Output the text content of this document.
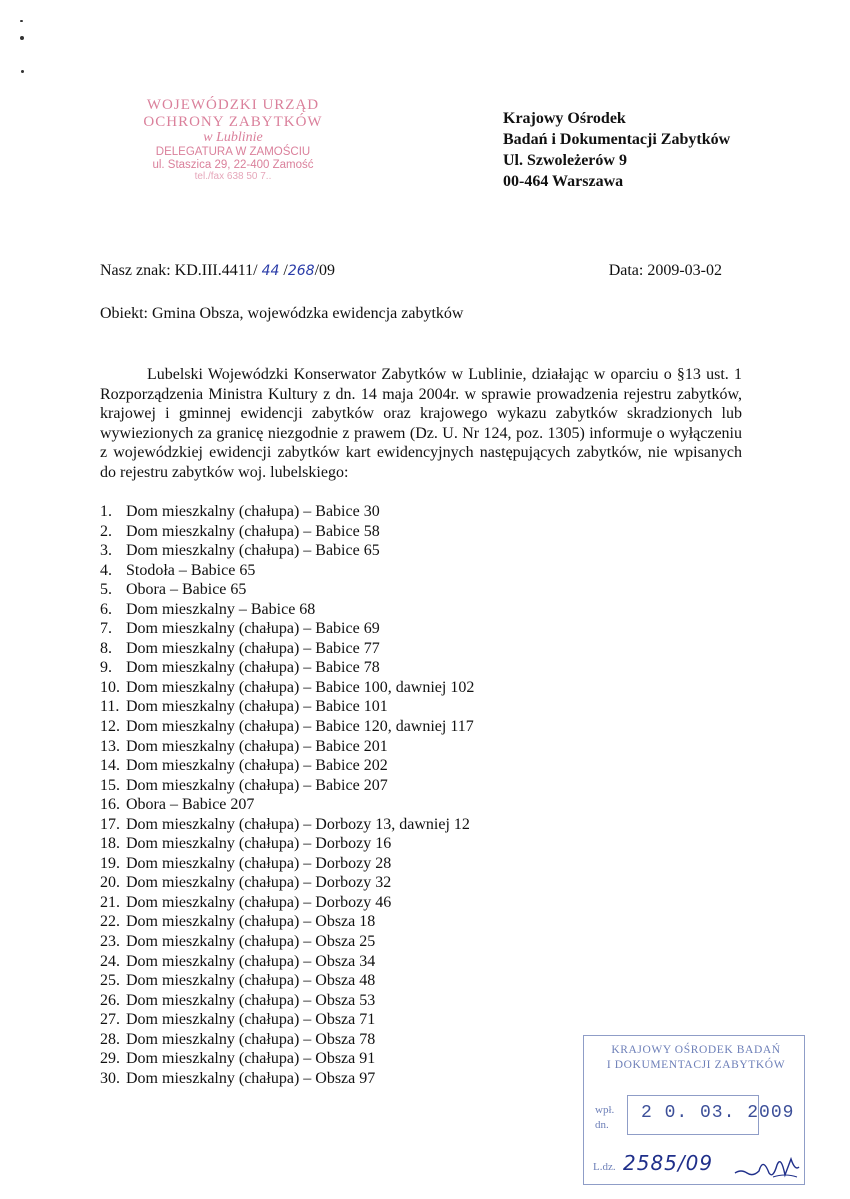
WOJEWÓDZKI URZĄD
OCHRONY ZABYTKÓW
w Lublinie
DELEGATURA W ZAMOŚCIU
ul. Staszica 29, 22-400 Zamość
tel./fax 638 50 7..
Krajowy Ośrodek
Badań i Dokumentacji Zabytków
Ul. Szwoleżerów 9
00-464 Warszawa
Nasz znak: KD.III.4411/ 44 /268/09	Data: 2009-03-02
Obiekt: Gmina Obsza, wojewódzka ewidencja zabytków
Lubelski Wojewódzki Konserwator Zabytków w Lublinie, działając w oparciu o §13 ust. 1 Rozporządzenia Ministra Kultury z dn. 14 maja 2004r. w sprawie prowadzenia rejestru zabytków, krajowej i gminnej ewidencji zabytków oraz krajowego wykazu zabytków skradzionych lub wywiezionych za granicę niezgodnie z prawem (Dz. U. Nr 124, poz. 1305) informuje o wyłączeniu z wojewódzkiej ewidencji zabytków kart ewidencyjnych następujących zabytków, nie wpisanych do rejestru zabytków woj. lubelskiego:
1. Dom mieszkalny (chałupa) – Babice 30
2. Dom mieszkalny (chałupa) – Babice 58
3. Dom mieszkalny (chałupa) – Babice 65
4. Stodoła – Babice 65
5. Obora – Babice 65
6. Dom mieszkalny – Babice 68
7. Dom mieszkalny (chałupa) – Babice 69
8. Dom mieszkalny (chałupa) – Babice 77
9. Dom mieszkalny (chałupa) – Babice 78
10. Dom mieszkalny (chałupa) – Babice 100, dawniej 102
11. Dom mieszkalny (chałupa) – Babice 101
12. Dom mieszkalny (chałupa) – Babice 120, dawniej 117
13. Dom mieszkalny (chałupa) – Babice 201
14. Dom mieszkalny (chałupa) – Babice 202
15. Dom mieszkalny (chałupa) – Babice 207
16. Obora – Babice 207
17. Dom mieszkalny (chałupa) – Dorbozy 13, dawniej 12
18. Dom mieszkalny (chałupa) – Dorbozy 16
19. Dom mieszkalny (chałupa) – Dorbozy 28
20. Dom mieszkalny (chałupa) – Dorbozy 32
21. Dom mieszkalny (chałupa) – Dorbozy 46
22. Dom mieszkalny (chałupa) – Obsza 18
23. Dom mieszkalny (chałupa) – Obsza 25
24. Dom mieszkalny (chałupa) – Obsza 34
25. Dom mieszkalny (chałupa) – Obsza 48
26. Dom mieszkalny (chałupa) – Obsza 53
27. Dom mieszkalny (chałupa) – Obsza 71
28. Dom mieszkalny (chałupa) – Obsza 78
29. Dom mieszkalny (chałupa) – Obsza 91
30. Dom mieszkalny (chałupa) – Obsza 97
KRAJOWY OŚRODEK BADAŃ
I DOKUMENTACJI ZABYTKÓW
wpł.
dn.
2 0. 03. 2009
L.dz. 2585/09
